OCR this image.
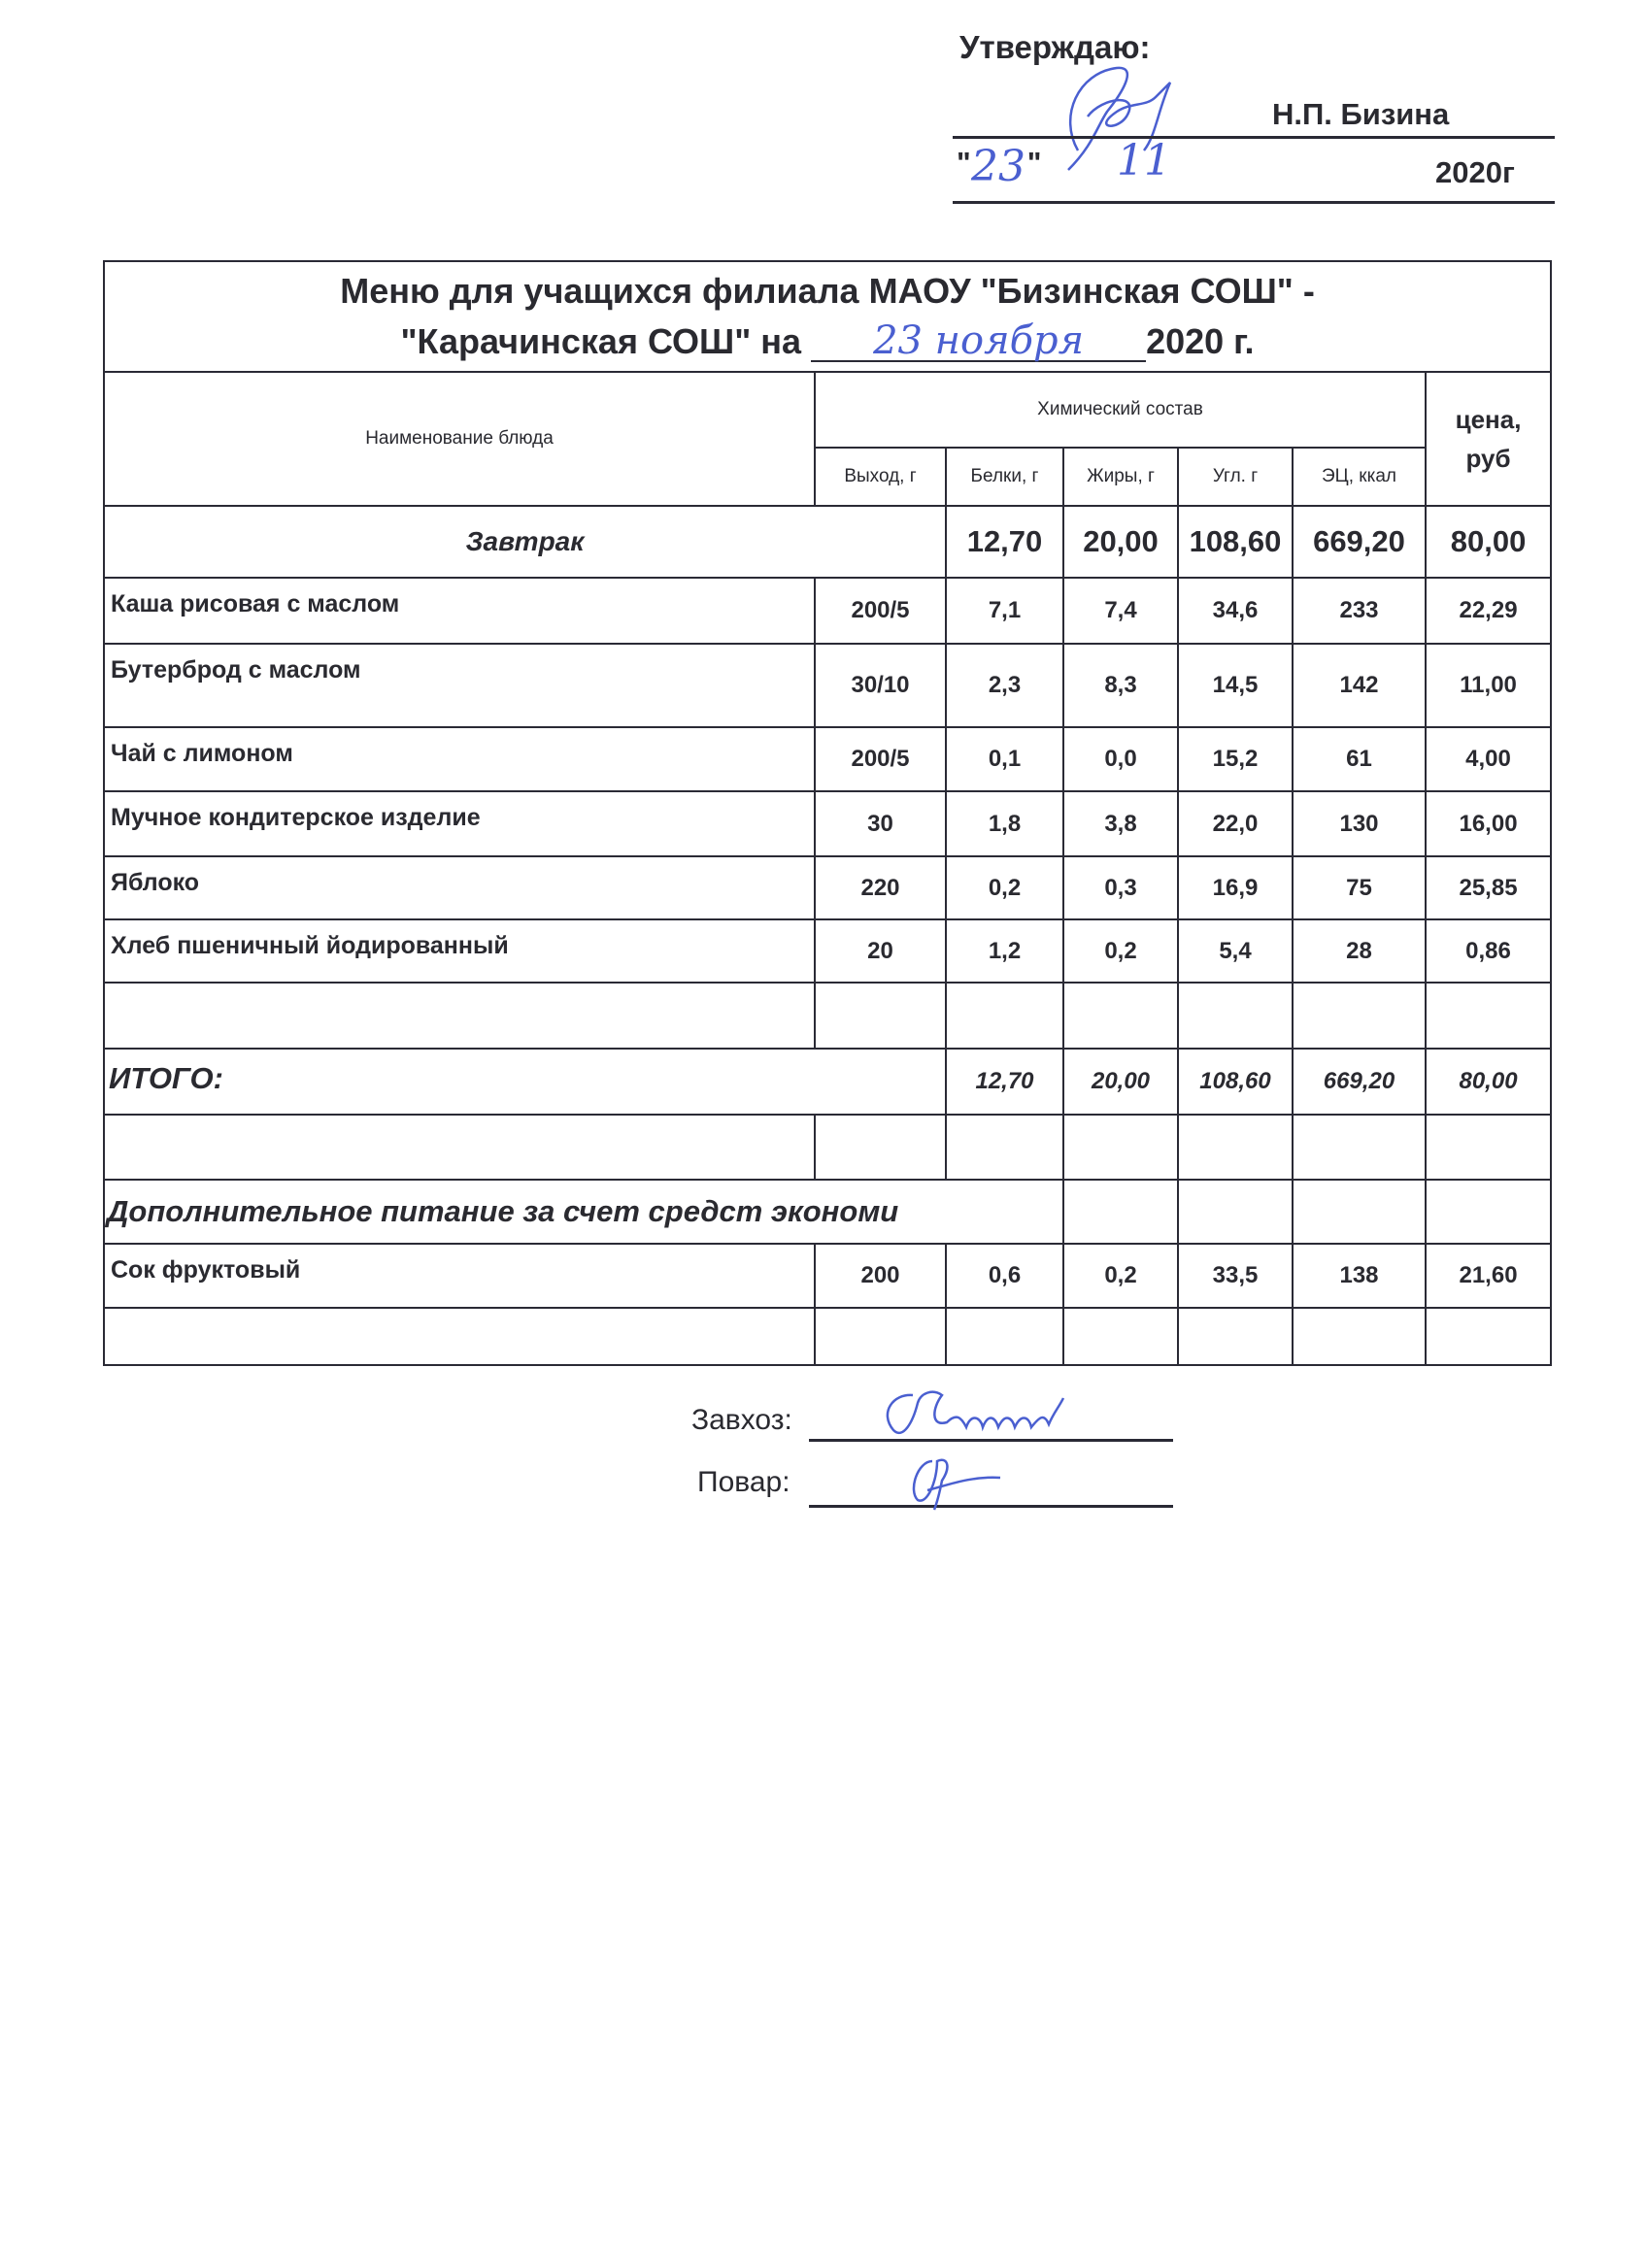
Утверждаю:
Н.П. Бизина
" "
23 11	2020г
Меню для учащихся филиала МАОУ "Бизинская СОШ" -
"Карачинская СОШ" на 23 ноября 2020 г.						

Наименование блюда	Химический состав					цена, руб

	Выход, г	Белки, г	Жиры, г	Угл. г	ЭЦ, ккал	
Завтрак		12,70	20,00	108,60	669,20	80,00
Каша рисовая с маслом	200/5	7,1	7,4	34,6	233	22,29
Бутерброд с маслом	30/10	2,3	8,3	14,5	142	11,00
Чай с лимоном	200/5	0,1	0,0	15,2	61	4,00
Мучное кондитерское изделие	30	1,8	3,8	22,0	130	16,00
Яблоко	220	0,2	0,3	16,9	75	25,85
Хлеб пшеничный йодированный	20	1,2	0,2	5,4	28	0,86

ИТОГО:		12,70	20,00	108,60	669,20	80,00

Дополнительное питание за счет средст экономи						
Сок фруктовый	200	0,6	0,2	33,5	138	21,60

Завхоз:
Повар:
